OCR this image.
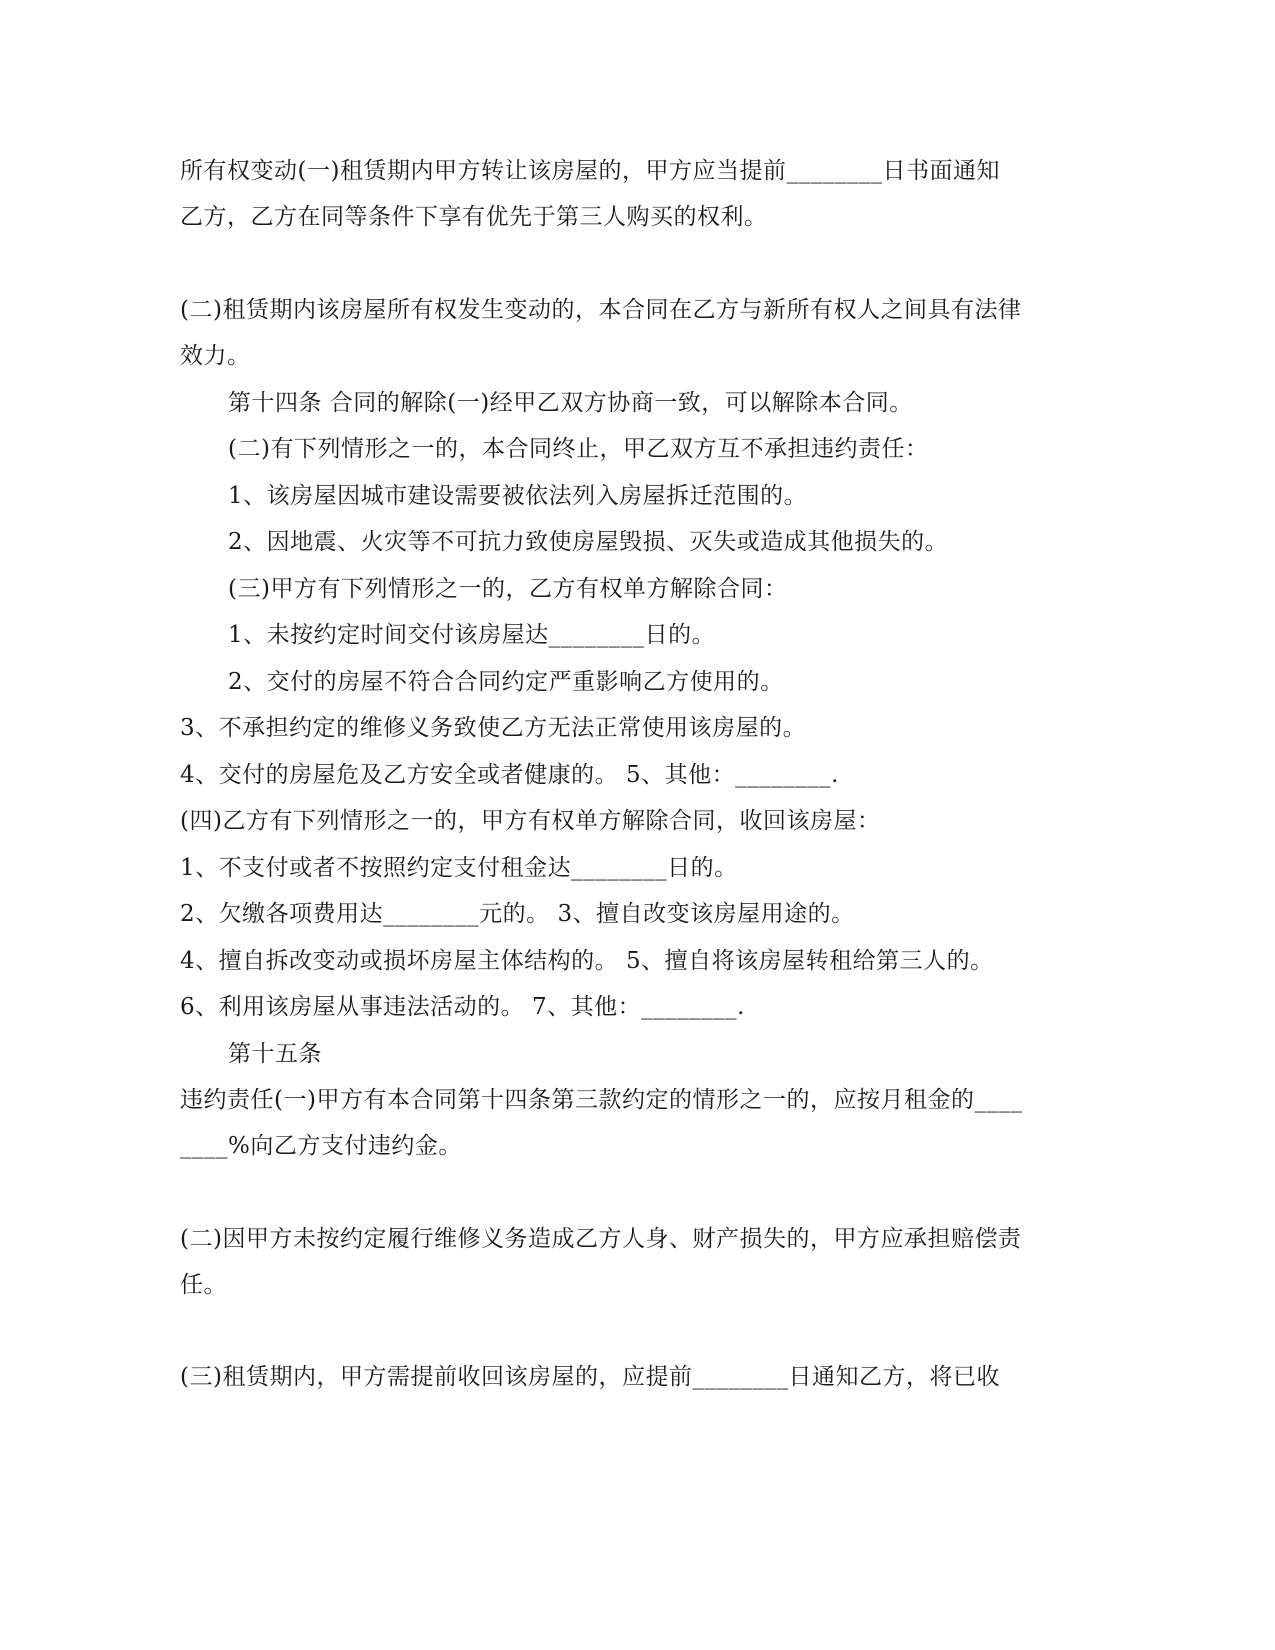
所有权变动(一)租赁期内甲方转让该房屋的，甲方应当提前________日书面通知
乙方，乙方在同等条件下享有优先于第三人购买的权利。
(二)租赁期内该房屋所有权发生变动的，本合同在乙方与新所有权人之间具有法律
效力。
第十四条 合同的解除(一)经甲乙双方协商一致，可以解除本合同。
(二)有下列情形之一的，本合同终止，甲乙双方互不承担违约责任：
1、该房屋因城市建设需要被依法列入房屋拆迁范围的。
2、因地震、火灾等不可抗力致使房屋毁损、灭失或造成其他损失的。
(三)甲方有下列情形之一的，乙方有权单方解除合同：
1、未按约定时间交付该房屋达________日的。
2、交付的房屋不符合合同约定严重影响乙方使用的。
3、不承担约定的维修义务致使乙方无法正常使用该房屋的。
4、交付的房屋危及乙方安全或者健康的。 5、其他：________.
(四)乙方有下列情形之一的，甲方有权单方解除合同，收回该房屋：
1、不支付或者不按照约定支付租金达________日的。
2、欠缴各项费用达________元的。 3、擅自改变该房屋用途的。
4、擅自拆改变动或损坏房屋主体结构的。 5、擅自将该房屋转租给第三人的。
6、利用该房屋从事违法活动的。 7、其他：________.
第十五条
违约责任(一)甲方有本合同第十四条第三款约定的情形之一的，应按月租金的____
____%向乙方支付违约金。
(二)因甲方未按约定履行维修义务造成乙方人身、财产损失的，甲方应承担赔偿责
任。
(三)租赁期内，甲方需提前收回该房屋的，应提前________日通知乙方，将已收
